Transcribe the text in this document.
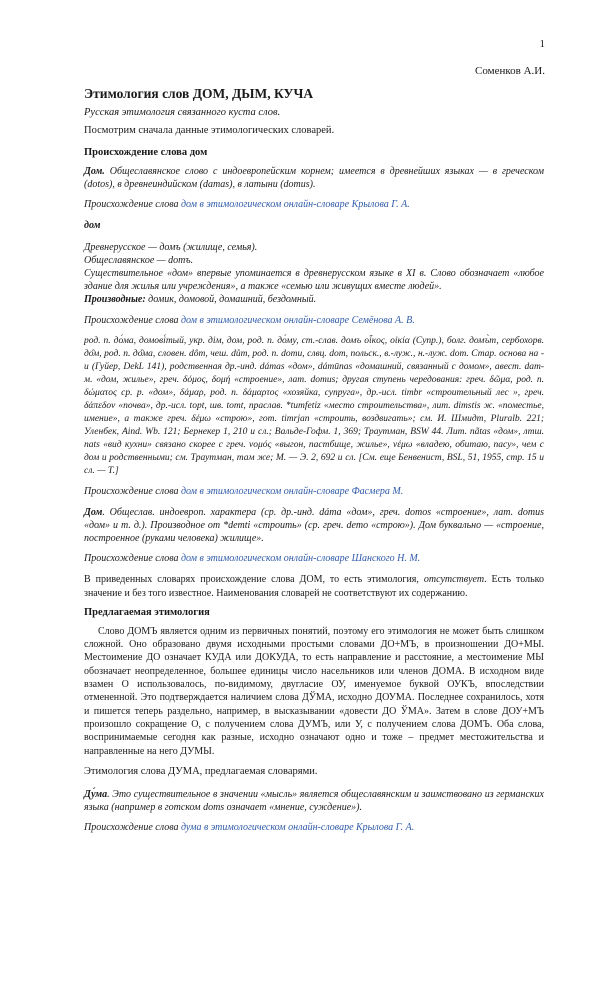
1
Соменков А.И.
Этимология слов ДОМ, ДЫМ, КУЧА

Русская этимология связанного куста слов.

Посмотрим сначала данные этимологических словарей.

Происхождение слова дом

Дом. Общеславянское слово с индоевропейским корнем; имеется в древнейших языках — в греческом (dotos), в древнеиндийском (damas), в латыни (domus).

Происхождение слова дом в этимологическом онлайн-словаре Крылова Г. А.

дом

Древнерусское — домъ (жилище, семья).

Общеславянское — domъ.

Существительное «дом» впервые упоминается в древнерусском языке в XI в. Слово обозначает «любое здание для жилья или учреждения», а также «семью или живущих вместе людей».

Производные: домик, домовой, домашний, бездомный.

Происхождение слова дом в этимологическом онлайн-словаре Семёнова А. В.

род. п. до́ма, домові́тый, укр. дім, дом, род. п. до́му, ст.-слав. домъ οἶκος, οἰκία (Супр.), болг. домъ̀т, сербохорв. до̑м, род. п. до̏ма, словен. dȏm, чеш. dům, род. п. domu, слвц. dom, польск., в.-луж., н.-луж. dom. Стар. основа на -u (Гуйер, DekL 141), родственная др.-инд. dámas «дом», dámūnas «домашний, связанный с домом», авест. dam- м. «дом, жилье», греч. δόμος, δομή «строение», лат. domus; другая ступень чередования: греч. δῶμα, род. п. δώματος ср. р. «дом», δάμαρ, род. п. δάμαρτος «хозяйка, супруга», др.-исл. timbr «строительный лес », греч. δάπεδον «почва», др.-исл. topt, шв. tomt, праслав. *tumfetiz «место строительства», лит. dimstis ж. «поместье, имение», а также греч. δέμω «строю», гот. timrjan «строить, воздвигать»; см. И. Шмидт, Pluralb. 221; Уленбек, Aind. Wb. 121; Бернекер 1, 210 и сл.; Вальде-Гофм. 1, 369; Траутман, BSW 44. Лит. nãtas «дом», лтш. nats «вид кухни» связано скорее с греч. νομός «выгон, пастбище, жилье», νέμω «владею, обитаю, пасу», чем с дом и родственными; см. Траутман, там же; М. — Э. 2, 692 и сл. [См. еще Бенвенист, BSL, 51, 1955, стр. 15 и сл. — Т.]

Происхождение слова дом в этимологическом онлайн-словаре Фасмера М.

Дом. Общеслав. индоевроп. характера (ср. др.-инд. dáma «дом», греч. domos «строение», лат. domus «дом» и т. д.). Производное от *demti «строить» (ср. греч. demo «строю»). Дом буквально — «строение, построенное (руками человека) жилище».

Происхождение слова дом в этимологическом онлайн-словаре Шанского Н. М.

В приведенных словарях происхождение слова ДОМ, то есть этимология, отсутствует. Есть только значение и без того известное. Наименования словарей не соответствуют их содержанию.

Предлагаемая этимология

Слово ДОМЪ является одним из первичных понятий, поэтому его этимология не может быть слишком сложной. Оно образовано двумя исходными простыми словами ДО+МЪ, в произношении ДО+МЫ. Местоимение ДО означает КУДА или ДОКУДА, то есть направление и расстояние, а местоимение МЫ обозначает неопределенное, большее единицы число насельников или членов ДОМА. В исходном виде взамен О использовалось, по-видимому, двугласие ОУ, именуемое буквой ОУКЪ, впоследствии отмененной. Это подтверждается наличием слова ДЎМА, исходно ДОУМА. Последнее сохранилось, хотя и пишется теперь раздельно, например, в высказывании «довести ДО ЎМА». Затем в слове ДОУ+МЪ произошло сокращение О, с получением слова ДУМЪ, или У, с получением слова ДОМЪ. Оба слова, воспринимаемые сегодня как разные, исходно означают одно и тоже – предмет местожительства и направленные на него ДУМЫ.

Этимология слова ДУМА, предлагаемая словарями.

Ду́ма. Это существительное в значении «мысль» является общеславянским и заимствовано из германских языка (например в готском doms означает «мнение, суждение»).

Происхождение слова дума в этимологическом онлайн-словаре Крылова Г. А.
